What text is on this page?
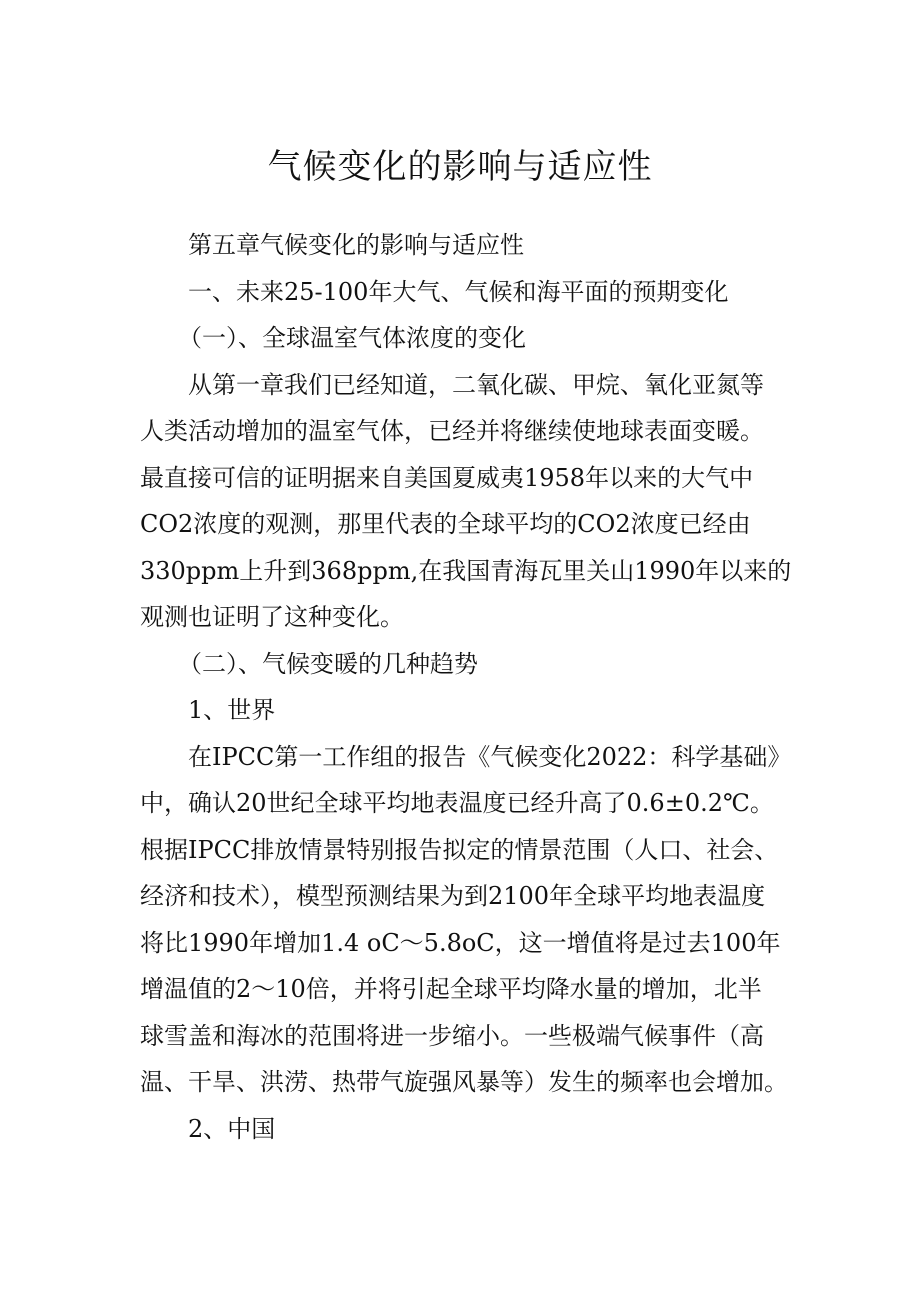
气候变化的影响与适应性

第五章气候变化的影响与适应性

一、未来25-100年大气、气候和海平面的预期变化

（一）、全球温室气体浓度的变化

从第一章我们已经知道，二氧化碳、甲烷、氧化亚氮等
人类活动增加的温室气体，已经并将继续使地球表面变暖。
最直接可信的证明据来自美国夏威夷1958年以来的大气中
CO2浓度的观测，那里代表的全球平均的CO2浓度已经由
330ppm上升到368ppm,在我国青海瓦里关山1990年以来的
观测也证明了这种变化。

（二）、气候变暖的几种趋势

1、世界

在IPCC第一工作组的报告《气候变化2022：科学基础》
中，确认20世纪全球平均地表温度已经升高了0.6±0.2℃。
根据IPCC排放情景特别报告拟定的情景范围（人口、社会、
经济和技术），模型预测结果为到2100年全球平均地表温度
将比1990年增加1.4 oC～5.8oC，这一增值将是过去100年
增温值的2～10倍，并将引起全球平均降水量的增加，北半
球雪盖和海冰的范围将进一步缩小。一些极端气候事件（高
温、干旱、洪涝、热带气旋强风暴等）发生的频率也会增加。

2、中国
